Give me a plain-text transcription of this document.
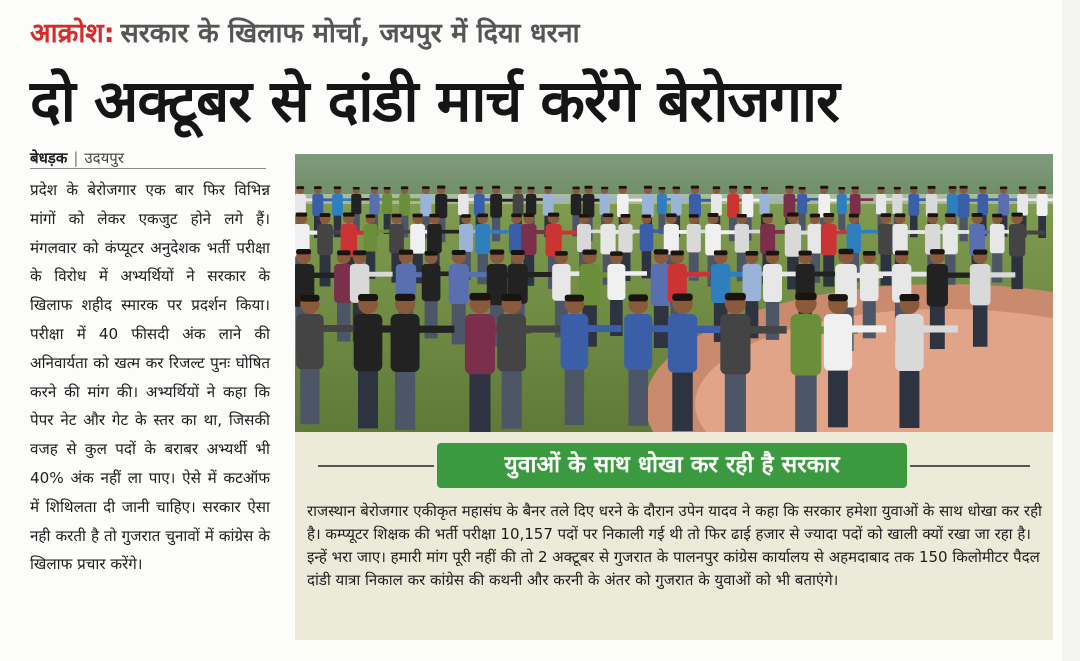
आक्रोश: सरकार के खिलाफ मोर्चा, जयपुर में दिया धरना
दो अक्टूबर से दांडी मार्च करेंगे बेरोजगार
बेधड़क | उदयपुर

प्रदेश के बेरोजगार एक बार फिर विभिन्न मांगों को लेकर एकजुट होने लगे हैं। मंगलवार को कंप्यूटर अनुदेशक भर्ती परीक्षा के विरोध में अभ्यर्थियों ने सरकार के खिलाफ शहीद स्मारक पर प्रदर्शन किया। परीक्षा में 40 फीसदी अंक लाने की अनिवार्यता को खत्म कर रिजल्ट पुनः घोषित करने की मांग की। अभ्यर्थियों ने कहा कि पेपर नेट और गेट के स्तर का था, जिसकी वजह से कुल पदों के बराबर अभ्यर्थी भी 40% अंक नहीं ला पाए। ऐसे में कटऑफ में शिथिलता दी जानी चाहिए। सरकार ऐसा नही करती है तो गुजरात चुनावों में कांग्रेस के खिलाफ प्रचार करेंगे।

युवाओं के साथ धोखा कर रही है सरकार

राजस्थान बेरोजगार एकीकृत महासंघ के बैनर तले दिए धरने के दौरान उपेन यादव ने कहा कि सरकार हमेशा युवाओं के साथ धोखा कर रही है। कम्प्यूटर शिक्षक की भर्ती परीक्षा 10,157 पदों पर निकाली गई थी तो फिर ढाई हजार से ज्यादा पदों को खाली क्यों रखा जा रहा है। इन्हें भरा जाए। हमारी मांग पूरी नहीं की तो 2 अक्टूबर से गुजरात के पालनपुर कांग्रेस कार्यालय से अहमदाबाद तक 150 किलोमीटर पैदल दांडी यात्रा निकाल कर कांग्रेस की कथनी और करनी के अंतर को गुजरात के युवाओं को भी बताएंगे।
